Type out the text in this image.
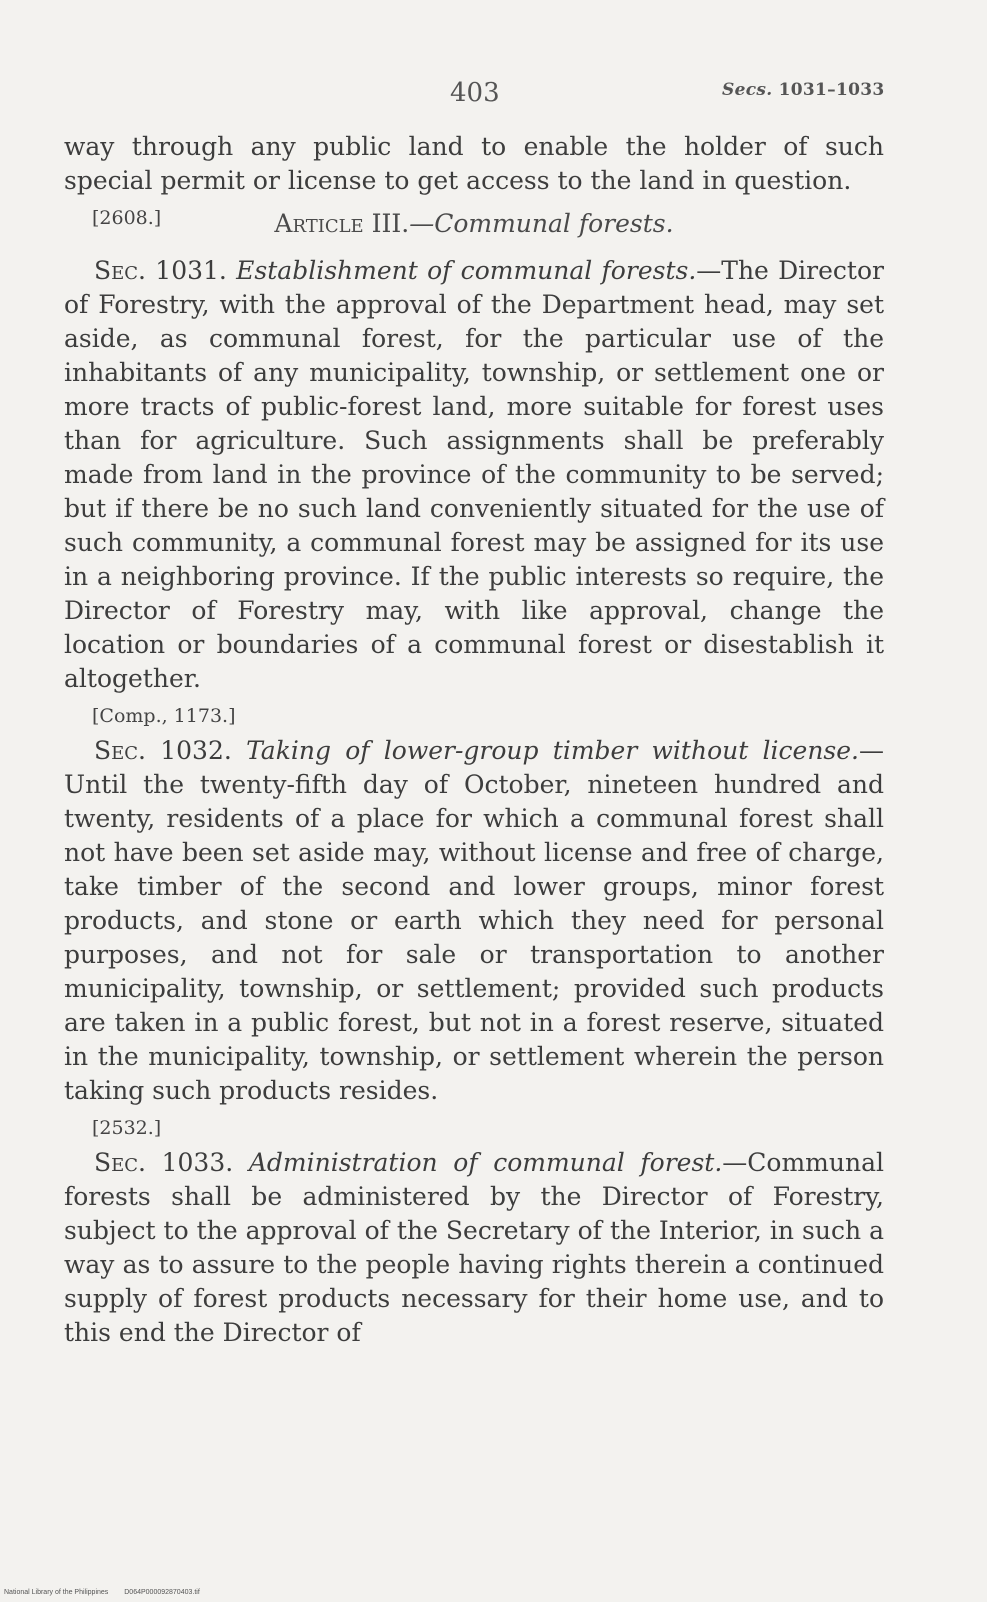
403	Secs. 1031–1033

way through any public land to enable the holder of such special permit or license to get access to the land in question.

[2608.]	Article III.—Communal forests.

Sec. 1031. Establishment of communal forests.—The Director of Forestry, with the approval of the Department head, may set aside, as communal forest, for the particular use of the inhabitants of any municipality, township, or settlement one or more tracts of public-forest land, more suitable for forest uses than for agriculture. Such assignments shall be preferably made from land in the province of the community to be served; but if there be no such land conveniently situated for the use of such community, a communal forest may be assigned for its use in a neighboring province. If the public interests so require, the Director of Forestry may, with like approval, change the location or boundaries of a communal forest or disestablish it altogether.

[Comp., 1173.]

Sec. 1032. Taking of lower-group timber without license.—Until the twenty-fifth day of October, nineteen hundred and twenty, residents of a place for which a communal forest shall not have been set aside may, without license and free of charge, take timber of the second and lower groups, minor forest products, and stone or earth which they need for personal purposes, and not for sale or transportation to another municipality, township, or settlement; provided such products are taken in a public forest, but not in a forest reserve, situated in the municipality, township, or settlement wherein the person taking such products resides.

[2532.]

Sec. 1033. Administration of communal forest.—Communal forests shall be administered by the Director of Forestry, subject to the approval of the Secretary of the Interior, in such a way as to assure to the people having rights therein a continued supply of forest products necessary for their home use, and to this end the Director of

National Library of the Philippines D064P000092870403.tif
